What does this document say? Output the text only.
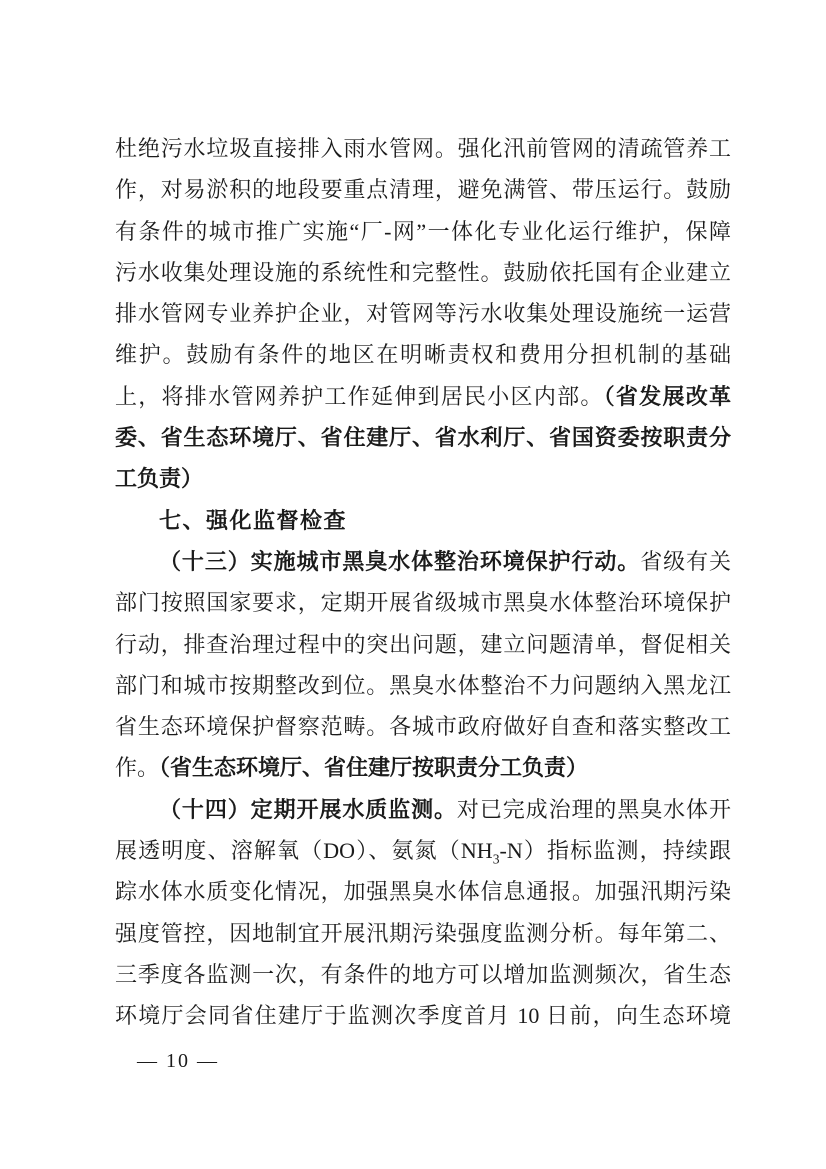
杜绝污水垃圾直接排入雨水管网。强化汛前管网的清疏管养工
作，对易淤积的地段要重点清理，避免满管、带压运行。鼓励
有条件的城市推广实施“厂-网”一体化专业化运行维护，保障
污水收集处理设施的系统性和完整性。鼓励依托国有企业建立
排水管网专业养护企业，对管网等污水收集处理设施统一运营
维护。鼓励有条件的地区在明晰责权和费用分担机制的基础
上，将排水管网养护工作延伸到居民小区内部。（省发展改革
委、省生态环境厅、省住建厅、省水利厅、省国资委按职责分
工负责）
七、强化监督检查
（十三）实施城市黑臭水体整治环境保护行动。省级有关
部门按照国家要求，定期开展省级城市黑臭水体整治环境保护
行动，排查治理过程中的突出问题，建立问题清单，督促相关
部门和城市按期整改到位。黑臭水体整治不力问题纳入黑龙江
省生态环境保护督察范畴。各城市政府做好自查和落实整改工
作。（省生态环境厅、省住建厅按职责分工负责）
（十四）定期开展水质监测。对已完成治理的黑臭水体开
展透明度、溶解氧（DO）、氨氮$(NH_3-N)$指标监测，持续跟
踪水体水质变化情况，加强黑臭水体信息通报。加强汛期污染
强度管控，因地制宜开展汛期污染强度监测分析。每年第二、
三季度各监测一次，有条件的地方可以增加监测频次，省生态
环境厅会同省住建厅于监测次季度首月 10 日前，向生态环境
— 10 —
